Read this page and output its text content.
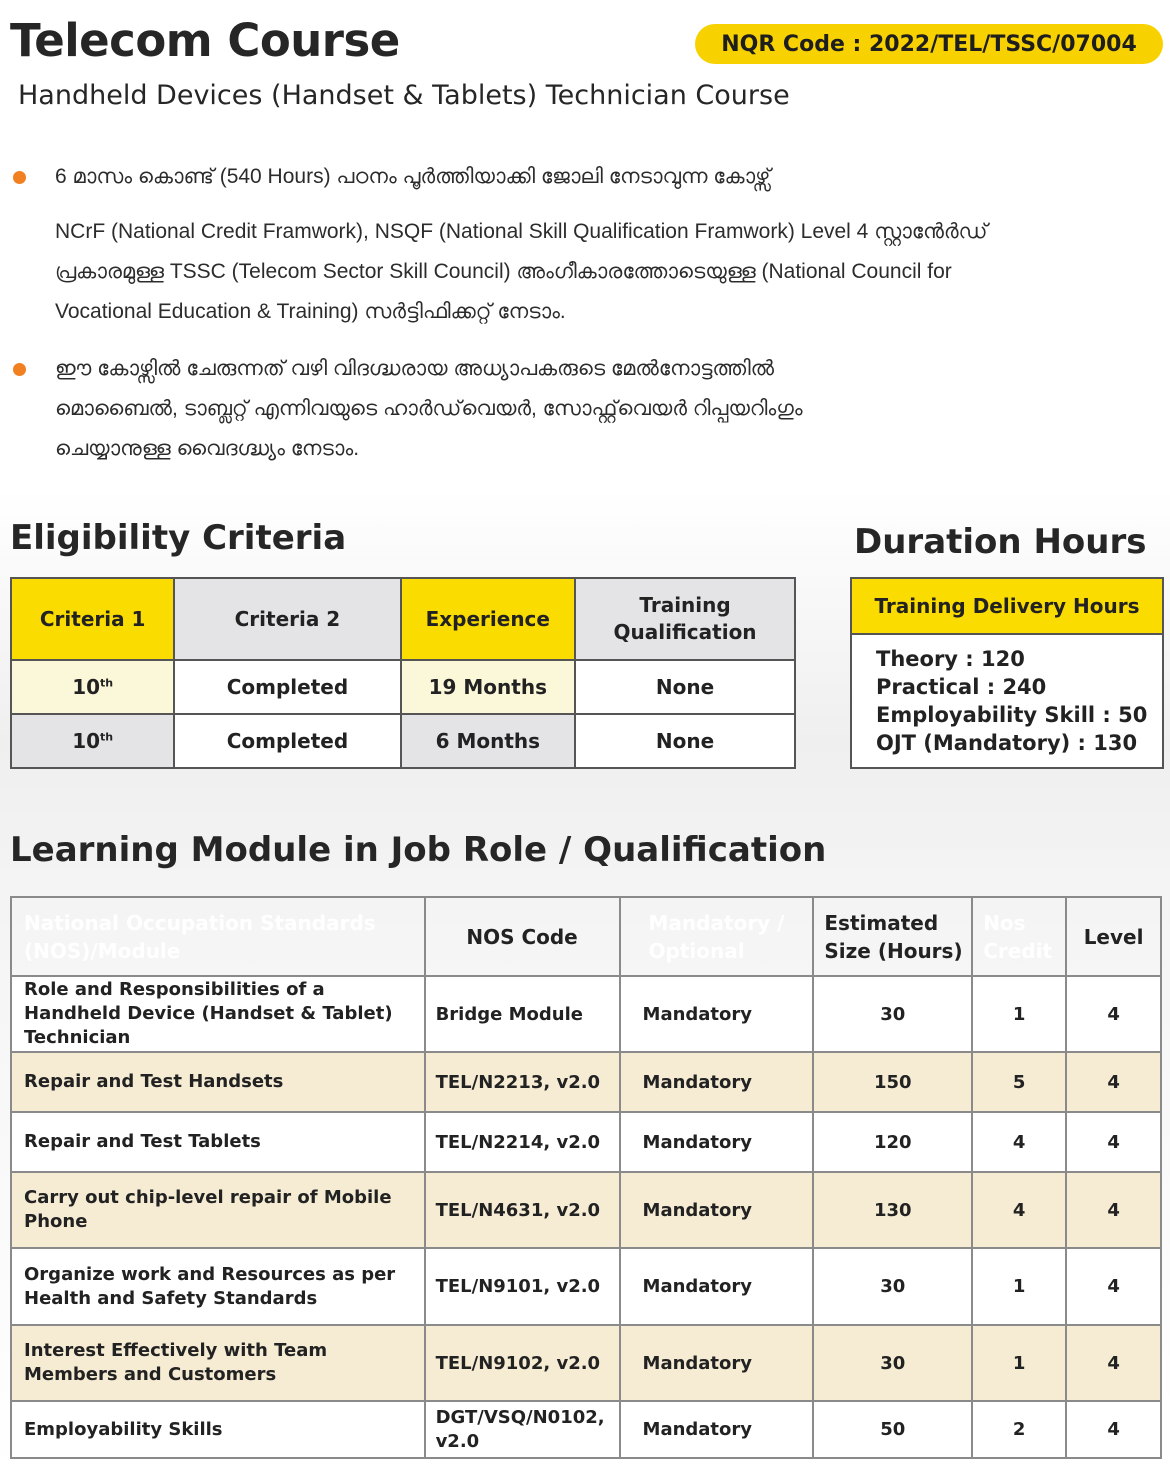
Telecom Course	NQR Code : 2022/TEL/TSSC/07004
Handheld Devices (Handset & Tablets) Technician Course
6 മാസം കൊണ്ട് (540 Hours) പഠനം പൂർത്തിയാക്കി ജോലി നേടാവുന്ന കോഴ്സ്
NCrF (National Credit Framwork), NSQF (National Skill Qualification Framwork) Level 4 സ്റ്റാൻേർഡ്
പ്രകാരമുള്ള TSSC (Telecom Sector Skill Council) അംഗീകാരത്തോടെയുള്ള (National Council for
Vocational Education & Training) സർട്ടിഫിക്കറ്റ് നേടാം.
ഈ കോഴ്സിൽ ചേരുന്നത് വഴി വിദഗ്ദ്ധരായ അധ്യാപകരുടെ മേൽനോട്ടത്തിൽ
മൊബൈൽ, ടാബ്ലറ്റ് എന്നിവയുടെ ഹാർഡ്‌വെയർ, സോഫ്റ്റ്‌വെയർ റിപ്പയറിംഗും
ചെയ്യാനുള്ള വൈദഗ്ദ്ധ്യം നേടാം.
Eligibility Criteria
Criteria 1	Criteria 2	Experience	Training Qualification
10th	Completed	19 Months	None
10th	Completed	6 Months	None
Duration Hours
Training Delivery Hours
Theory : 120
Practical : 240
Employability Skill : 50
OJT (Mandatory) : 130
Learning Module in Job Role / Qualification
National Occupation Standards (NOS)/Module	NOS Code	Mandatory / Optional	Estimated Size (Hours)	Nos Credit	Level
Role and Responsibilities of a Handheld Device (Handset & Tablet) Technician	Bridge Module	Mandatory	30	1	4
Repair and Test Handsets	TEL/N2213, v2.0	Mandatory	150	5	4
Repair and Test Tablets	TEL/N2214, v2.0	Mandatory	120	4	4
Carry out chip-level repair of Mobile Phone	TEL/N4631, v2.0	Mandatory	130	4	4
Organize work and Resources as per Health and Safety Standards	TEL/N9101, v2.0	Mandatory	30	1	4
Interest Effectively with Team Members and Customers	TEL/N9102, v2.0	Mandatory	30	1	4
Employability Skills	DGT/VSQ/N0102, v2.0	Mandatory	50	2	4
